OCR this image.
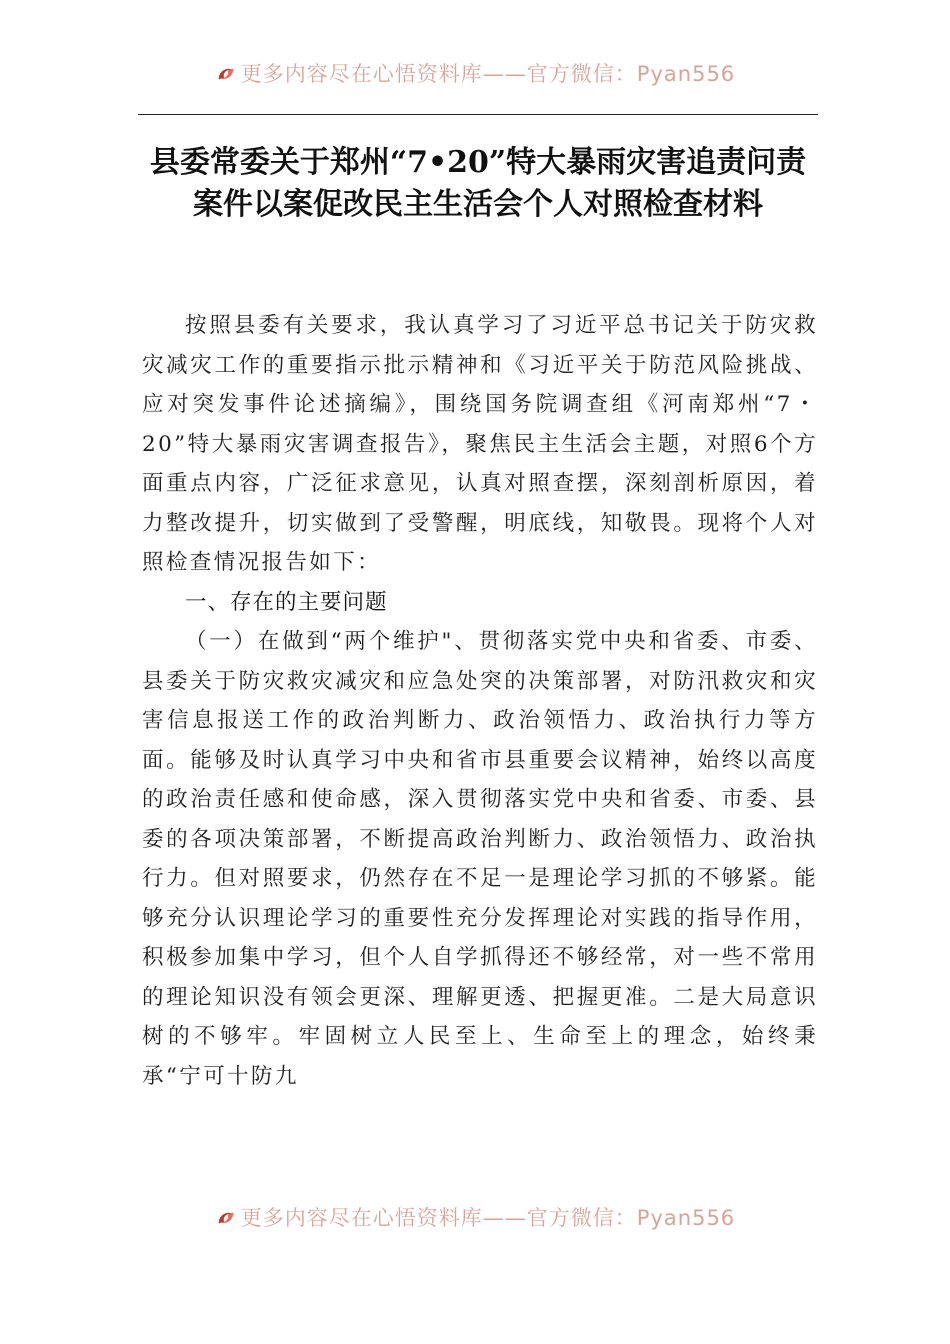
更多内容尽在心悟资料库——官方微信：Pyan556
县委常委关于郑州“7•20”特大暴雨灾害追责问责案件以案促改民主生活会个人对照检查材料

按照县委有关要求，我认真学习了习近平总书记关于防灾救灾减灾工作的重要指示批示精神和《习近平关于防范风险挑战、应对突发事件论述摘编》，围绕国务院调查组《河南郑州“7・20”特大暴雨灾害调查报告》，聚焦民主生活会主题，对照6个方面重点内容，广泛征求意见，认真对照查摆，深刻剖析原因，着力整改提升，切实做到了受警醒，明底线，知敬畏。现将个人对照检查情况报告如下：

一、存在的主要问题

（一）在做到“两个维护"、贯彻落实党中央和省委、市委、县委关于防灾救灾减灾和应急处突的决策部署，对防汛救灾和灾害信息报送工作的政治判断力、政治领悟力、政治执行力等方面。能够及时认真学习中央和省市县重要会议精神，始终以高度的政治责任感和使命感，深入贯彻落实党中央和省委、市委、县委的各项决策部署，不断提高政治判断力、政治领悟力、政治执行力。但对照要求，仍然存在不足一是理论学习抓的不够紧。能够充分认识理论学习的重要性充分发挥理论对实践的指导作用，积极参加集中学习，但个人自学抓得还不够经常，对一些不常用的理论知识没有领会更深、理解更透、把握更准。二是大局意识树的不够牢。牢固树立人民至上、生命至上的理念，始终秉承“宁可十防九

更多内容尽在心悟资料库——官方微信：Pyan556
